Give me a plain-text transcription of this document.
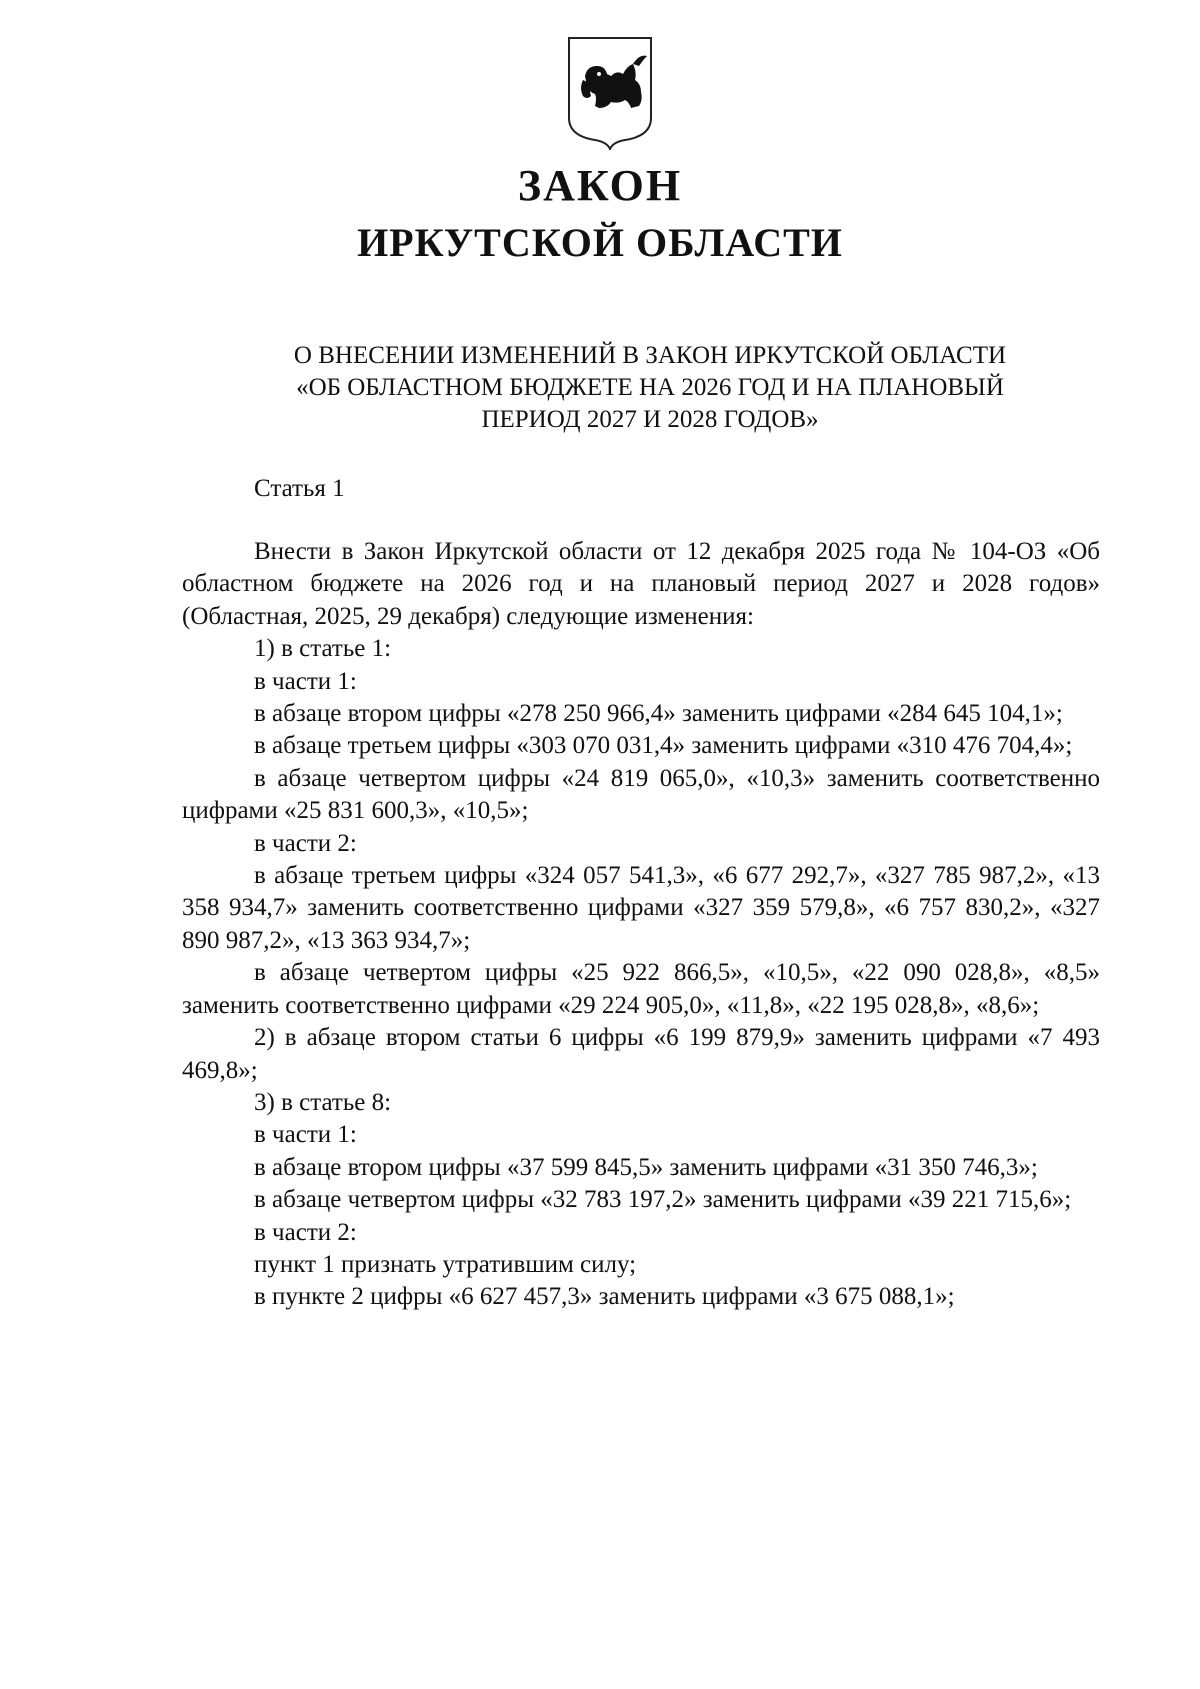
ЗАКОН
ИРКУТСКОЙ ОБЛАСТИ
О ВНЕСЕНИИ ИЗМЕНЕНИЙ В ЗАКОН ИРКУТСКОЙ ОБЛАСТИ
«ОБ ОБЛАСТНОМ БЮДЖЕТЕ НА 2026 ГОД И НА ПЛАНОВЫЙ
ПЕРИОД 2027 И 2028 ГОДОВ»
Статья 1

Внести в Закон Иркутской области от 12 декабря 2025 года № 104-ОЗ «Об областном бюджете на 2026 год и на плановый период 2027 и 2028 годов» (Областная, 2025, 29 декабря) следующие изменения:

1) в статье 1:

в части 1:

в абзаце втором цифры «278 250 966,4» заменить цифрами «284 645 104,1»;

в абзаце третьем цифры «303 070 031,4» заменить цифрами «310 476 704,4»;

в абзаце четвертом цифры «24 819 065,0», «10,3» заменить соответственно цифрами «25 831 600,3», «10,5»;

в части 2:

в абзаце третьем цифры «324 057 541,3», «6 677 292,7», «327 785 987,2», «13 358 934,7» заменить соответственно цифрами «327 359 579,8», «6 757 830,2», «327 890 987,2», «13 363 934,7»;

в абзаце четвертом цифры «25 922 866,5», «10,5», «22 090 028,8», «8,5» заменить соответственно цифрами «29 224 905,0», «11,8», «22 195 028,8», «8,6»;

2) в абзаце втором статьи 6 цифры «6 199 879,9» заменить цифрами «7 493 469,8»;

3) в статье 8:

в части 1:

в абзаце втором цифры «37 599 845,5» заменить цифрами «31 350 746,3»;

в абзаце четвертом цифры «32 783 197,2» заменить цифрами «39 221 715,6»;

в части 2:

пункт 1 признать утратившим силу;

в пункте 2 цифры «6 627 457,3» заменить цифрами «3 675 088,1»;
